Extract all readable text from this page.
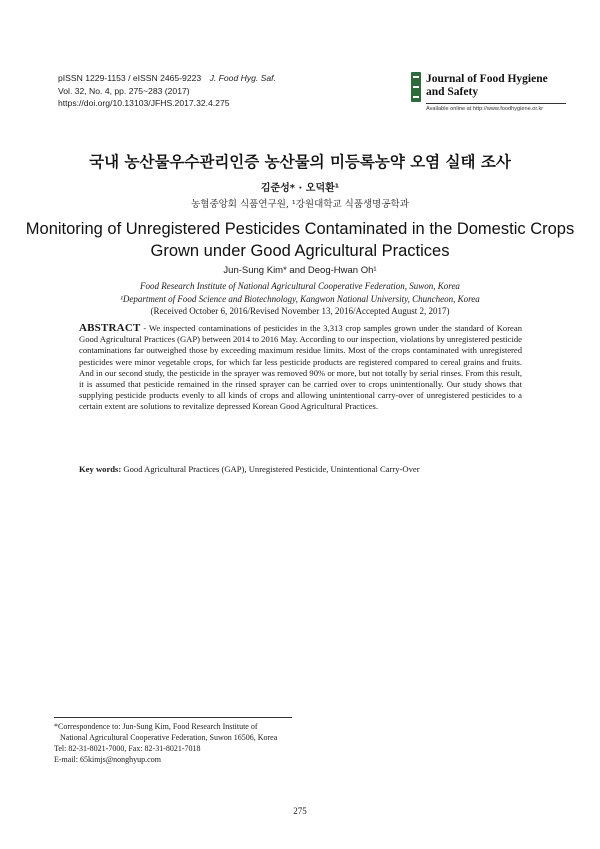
pISSN 1229-1153 / eISSN 2465-9223 J. Food Hyg. Saf.
Vol. 32, No. 4, pp. 275~283 (2017)
https://doi.org/10.13103/JFHS.2017.32.4.275
Journal of Food Hygiene
and Safety
Available online at http://www.foodhygiene.or.kr
국내 농산물우수관리인증 농산물의 미등록농약 오염 실태 조사
김준성* · 오덕환¹
농협중앙회 식품연구원, ¹강원대학교 식품생명공학과
Monitoring of Unregistered Pesticides Contaminated in the Domestic Crops
Grown under Good Agricultural Practices
Jun-Sung Kim* and Deog-Hwan Oh¹
Food Research Institute of National Agricultural Cooperative Federation, Suwon, Korea
¹Department of Food Science and Biotechnology, Kangwon National University, Chuncheon, Korea
(Received October 6, 2016/Revised November 13, 2016/Accepted August 2, 2017)
ABSTRACT - We inspected contaminations of pesticides in the 3,313 crop samples grown under the standard of Korean Good Agricultural Practices (GAP) between 2014 to 2016 May. According to our inspection, violations by unregistered pesticide contaminations far outweighed those by exceeding maximum residue limits. Most of the crops contaminated with unregistered pesticides were minor vegetable crops, for which far less pesticide products are registered compared to cereal grains and fruits. And in our second study, the pesticide in the sprayer was removed 90% or more, but not totally by serial rinses. From this result, it is assumed that pesticide remained in the rinsed sprayer can be carried over to crops unintentionally. Our study shows that supplying pesticide products evenly to all kinds of crops and allowing unintentional carry-over of unregistered pesticides to a certain extent are solutions to revitalize depressed Korean Good Agricultural Practices.
Key words: Good Agricultural Practices (GAP), Unregistered Pesticide, Unintentional Carry-Over
*Correspondence to: Jun-Sung Kim, Food Research Institute of
National Agricultural Cooperative Federation, Suwon 16506, Korea
Tel: 82-31-8021-7000, Fax: 82-31-8021-7018
E-mail: 65kimjs@nonghyup.com
275
